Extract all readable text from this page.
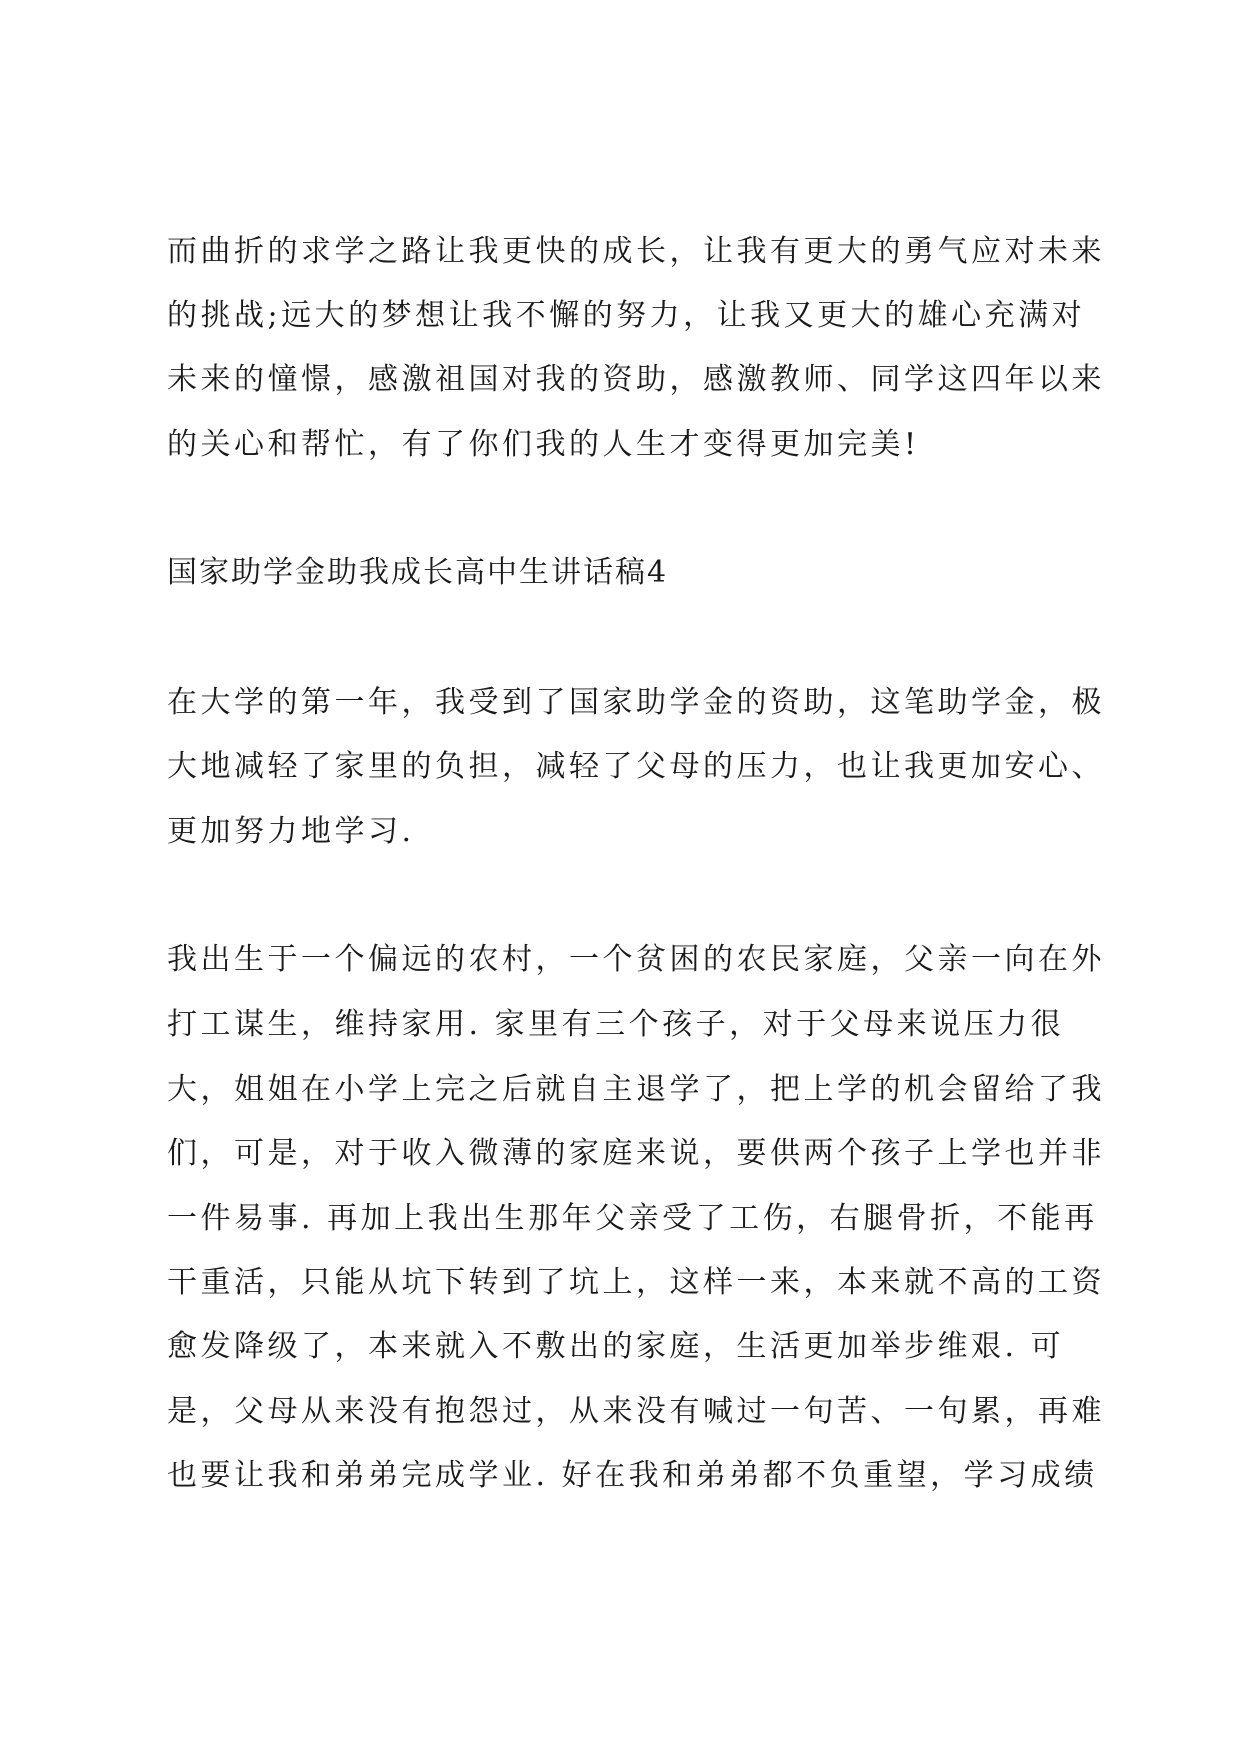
而曲折的求学之路让我更快的成长，让我有更大的勇气应对未来
的挑战;远大的梦想让我不懈的努力，让我又更大的雄心充满对
未来的憧憬，感激祖国对我的资助，感激教师、同学这四年以来
的关心和帮忙，有了你们我的人生才变得更加完美!
国家助学金助我成长高中生讲话稿4
在大学的第一年，我受到了国家助学金的资助，这笔助学金，极
大地减轻了家里的负担，减轻了父母的压力，也让我更加安心、
更加努力地学习.
我出生于一个偏远的农村，一个贫困的农民家庭，父亲一向在外
打工谋生，维持家用. 家里有三个孩子，对于父母来说压力很
大，姐姐在小学上完之后就自主退学了，把上学的机会留给了我
们，可是，对于收入微薄的家庭来说，要供两个孩子上学也并非
一件易事. 再加上我出生那年父亲受了工伤，右腿骨折，不能再
干重活，只能从坑下转到了坑上，这样一来，本来就不高的工资
愈发降级了，本来就入不敷出的家庭，生活更加举步维艰. 可
是，父母从来没有抱怨过，从来没有喊过一句苦、一句累，再难
也要让我和弟弟完成学业. 好在我和弟弟都不负重望，学习成绩
